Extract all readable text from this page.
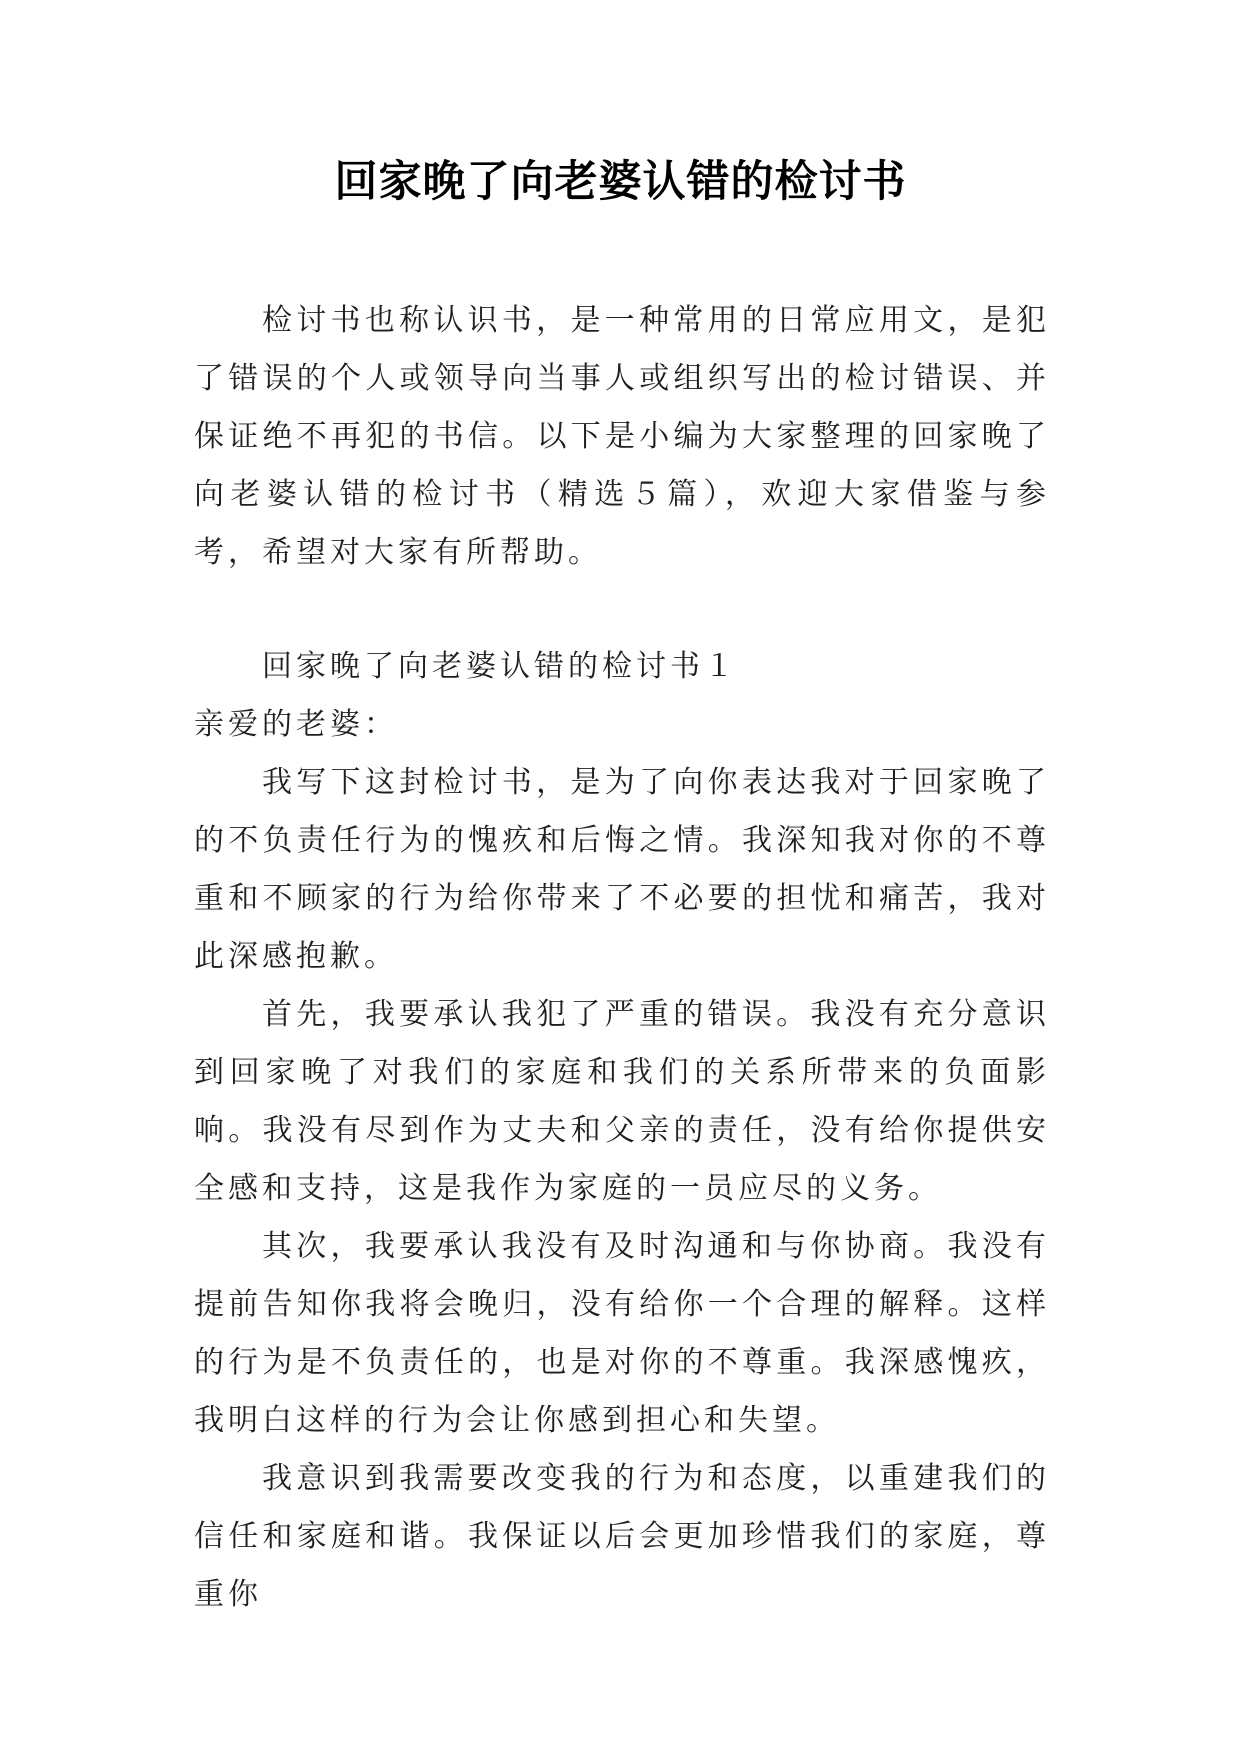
回家晚了向老婆认错的检讨书

检讨书也称认识书，是一种常用的日常应用文，是犯了错误的个人或领导向当事人或组织写出的检讨错误、并保证绝不再犯的书信。以下是小编为大家整理的回家晚了向老婆认错的检讨书（精选５篇），欢迎大家借鉴与参考，希望对大家有所帮助。

回家晚了向老婆认错的检讨书１

亲爱的老婆：

我写下这封检讨书，是为了向你表达我对于回家晚了的不负责任行为的愧疚和后悔之情。我深知我对你的不尊重和不顾家的行为给你带来了不必要的担忧和痛苦，我对此深感抱歉。

首先，我要承认我犯了严重的错误。我没有充分意识到回家晚了对我们的家庭和我们的关系所带来的负面影响。我没有尽到作为丈夫和父亲的责任，没有给你提供安全感和支持，这是我作为家庭的一员应尽的义务。

其次，我要承认我没有及时沟通和与你协商。我没有提前告知你我将会晚归，没有给你一个合理的解释。这样的行为是不负责任的，也是对你的不尊重。我深感愧疚，我明白这样的行为会让你感到担心和失望。

我意识到我需要改变我的行为和态度，以重建我们的信任和家庭和谐。我保证以后会更加珍惜我们的家庭，尊重你
